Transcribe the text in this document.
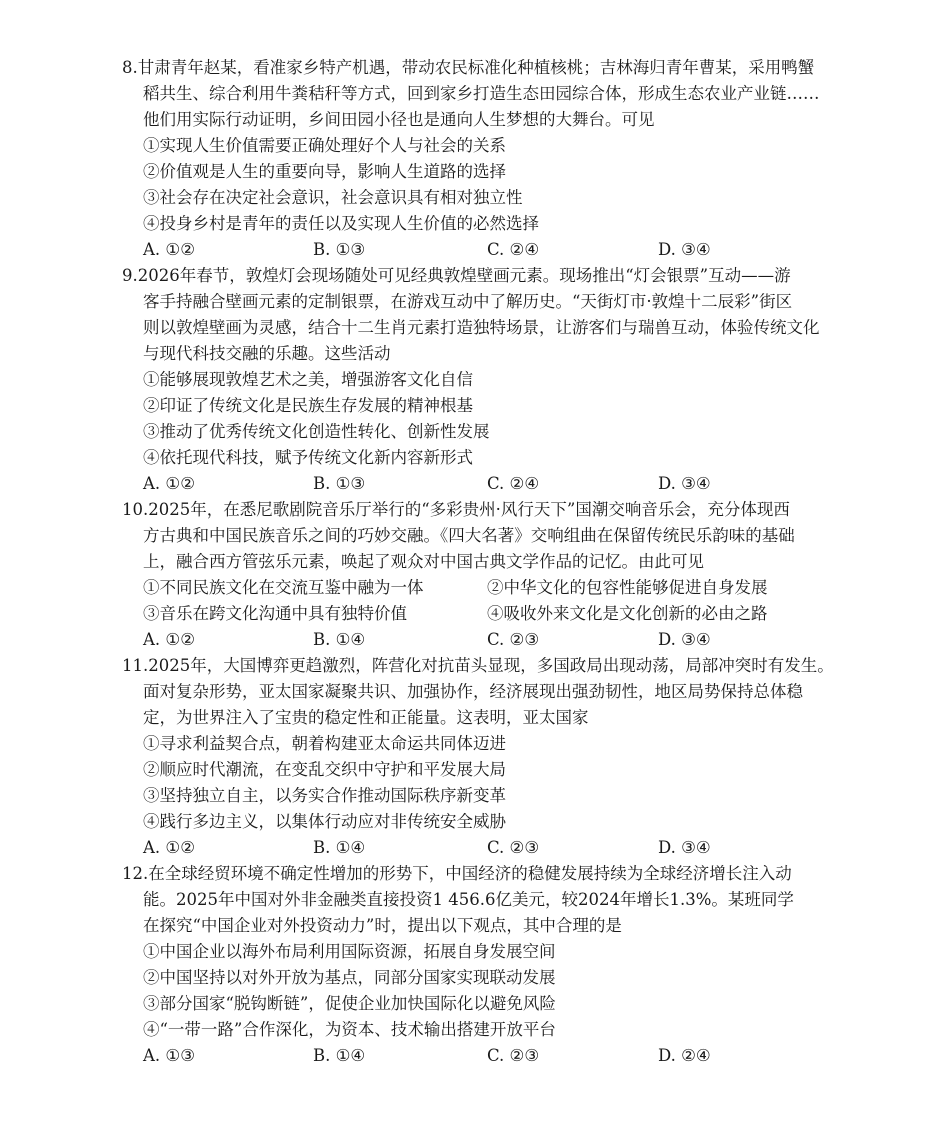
8.甘肃青年赵某，看准家乡特产机遇，带动农民标准化种植核桃；吉林海归青年曹某，采用鸭蟹
稻共生、综合利用牛粪秸秆等方式，回到家乡打造生态田园综合体，形成生态农业产业链……
他们用实际行动证明，乡间田园小径也是通向人生梦想的大舞台。可见
①实现人生价值需要正确处理好个人与社会的关系
②价值观是人生的重要向导，影响人生道路的选择
③社会存在决定社会意识，社会意识具有相对独立性
④投身乡村是青年的责任以及实现人生价值的必然选择
A. ①②	B. ①③	C. ②④	D. ③④
9.2026年春节，敦煌灯会现场随处可见经典敦煌壁画元素。现场推出“灯会银票”互动——游
客手持融合壁画元素的定制银票，在游戏互动中了解历史。“天街灯市·敦煌十二辰彩”街区
则以敦煌壁画为灵感，结合十二生肖元素打造独特场景，让游客们与瑞兽互动，体验传统文化
与现代科技交融的乐趣。这些活动
①能够展现敦煌艺术之美，增强游客文化自信
②印证了传统文化是民族生存发展的精神根基
③推动了优秀传统文化创造性转化、创新性发展
④依托现代科技，赋予传统文化新内容新形式
A. ①②	B. ①③	C. ②④	D. ③④
10.2025年，在悉尼歌剧院音乐厅举行的“多彩贵州·风行天下”国潮交响音乐会，充分体现西
方古典和中国民族音乐之间的巧妙交融。《四大名著》交响组曲在保留传统民乐韵味的基础
上，融合西方管弦乐元素，唤起了观众对中国古典文学作品的记忆。由此可见
①不同民族文化在交流互鉴中融为一体	②中华文化的包容性能够促进自身发展
③音乐在跨文化沟通中具有独特价值	④吸收外来文化是文化创新的必由之路
A. ①②	B. ①④	C. ②③	D. ③④
11.2025年，大国博弈更趋激烈，阵营化对抗苗头显现，多国政局出现动荡，局部冲突时有发生。
面对复杂形势，亚太国家凝聚共识、加强协作，经济展现出强劲韧性，地区局势保持总体稳
定，为世界注入了宝贵的稳定性和正能量。这表明，亚太国家
①寻求利益契合点，朝着构建亚太命运共同体迈进
②顺应时代潮流，在变乱交织中守护和平发展大局
③坚持独立自主，以务实合作推动国际秩序新变革
④践行多边主义，以集体行动应对非传统安全威胁
A. ①②	B. ①④	C. ②③	D. ③④
12.在全球经贸环境不确定性增加的形势下，中国经济的稳健发展持续为全球经济增长注入动
能。2025年中国对外非金融类直接投资1 456.6亿美元，较2024年增长1.3%。某班同学
在探究“中国企业对外投资动力”时，提出以下观点，其中合理的是
①中国企业以海外布局利用国际资源，拓展自身发展空间
②中国坚持以对外开放为基点，同部分国家实现联动发展
③部分国家“脱钩断链”，促使企业加快国际化以避免风险
④“一带一路”合作深化，为资本、技术输出搭建开放平台
A. ①③	B. ①④	C. ②③	D. ②④
